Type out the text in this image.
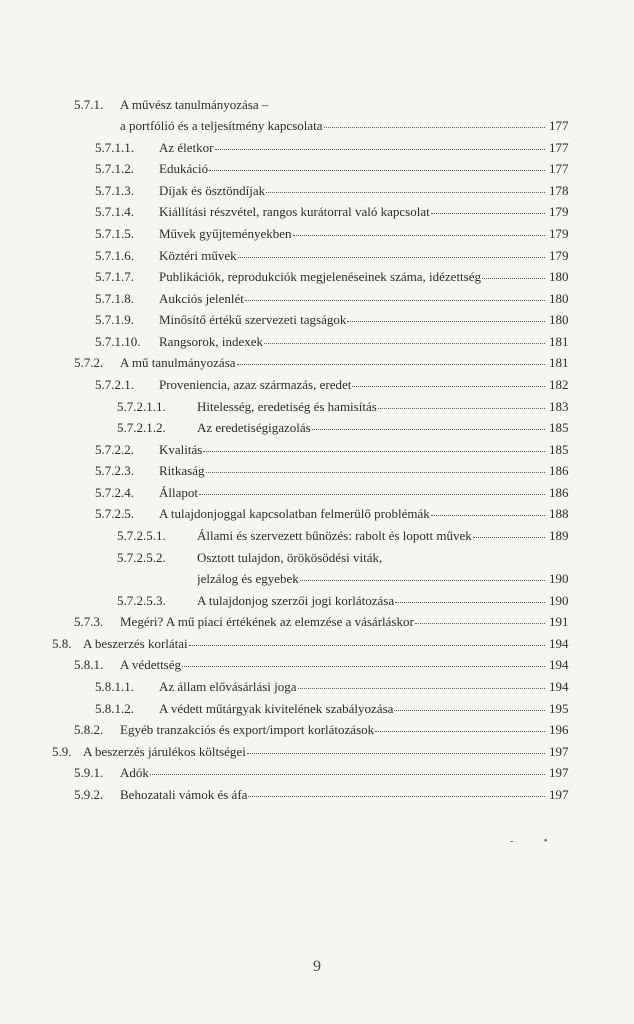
5.7.1. A művész tanulmányozása –
a portfólió és a teljesítmény kapcsolata	177
5.7.1.1. Az életkor	177
5.7.1.2. Edukáció	177
5.7.1.3. Díjak és ösztöndíjak	178
5.7.1.4. Kiállítási részvétel, rangos kurátorral való kapcsolat	179
5.7.1.5. Művek gyűjteményekben	179
5.7.1.6. Köztéri művek	179
5.7.1.7. Publikációk, reprodukciók megjelenéseinek száma, idézettség	180
5.7.1.8. Aukciós jelenlét	180
5.7.1.9. Minősítő értékű szervezeti tagságok	180
5.7.1.10. Rangsorok, indexek	181
5.7.2. A mű tanulmányozása	181
5.7.2.1. Proveniencia, azaz származás, eredet	182
5.7.2.1.1. Hitelesség, eredetiség és hamisítás	183
5.7.2.1.2. Az eredetiségigazolás	185
5.7.2.2. Kvalitás	185
5.7.2.3. Ritkaság	186
5.7.2.4. Állapot	186
5.7.2.5. A tulajdonjoggal kapcsolatban felmerülő problémák	188
5.7.2.5.1. Állami és szervezett bűnözés: rabolt és lopott művek	189
5.7.2.5.2. Osztott tulajdon, örökösödési viták,
jelzálog és egyebek	190
5.7.2.5.3. A tulajdonjog szerzői jogi korlátozása	190
5.7.3. Megéri? A mű piaci értékének az elemzése a vásárláskor	191
5.8. A beszerzés korlátai	194
5.8.1. A védettség	194
5.8.1.1. Az állam elővásárlási joga	194
5.8.1.2. A védett műtárgyak kivitelének szabályozása	195
5.8.2. Egyéb tranzakciós és export/import korlátozások	196
5.9. A beszerzés járulékos költségei	197
5.9.1. Adók	197
5.9.2. Behozatali vámok és áfa	197
- •
9
